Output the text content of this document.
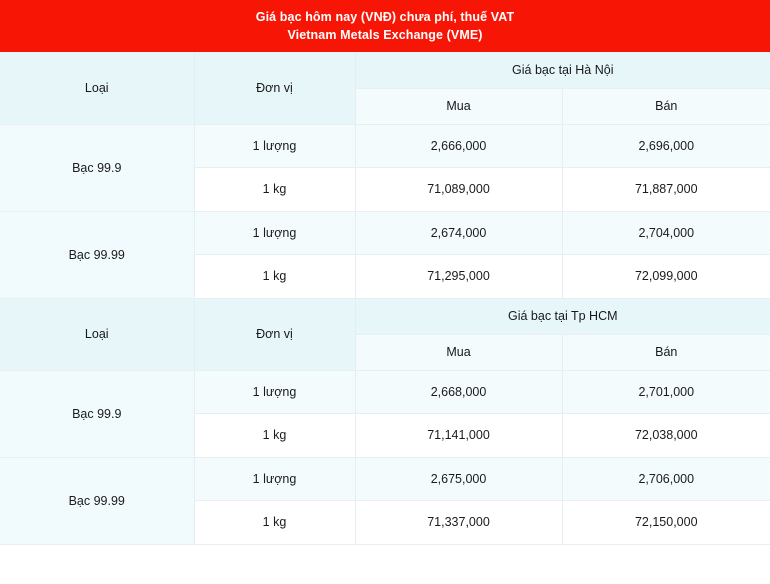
Giá bạc hôm nay (VNĐ) chưa phí, thuế VAT
Vietnam Metals Exchange (VME)
Loại	Đơn vị	Giá bạc tại Hà Nội	
		Mua	Bán
Bạc 99.9	1 lượng	2,666,000	2,696,000
	1 kg	71,089,000	71,887,000
Bạc 99.99	1 lượng	2,674,000	2,704,000
	1 kg	71,295,000	72,099,000
Loại	Đơn vị	Giá bạc tại Tp HCM	
		Mua	Bán
Bạc 99.9	1 lượng	2,668,000	2,701,000
	1 kg	71,141,000	72,038,000
Bạc 99.99	1 lượng	2,675,000	2,706,000
	1 kg	71,337,000	72,150,000
